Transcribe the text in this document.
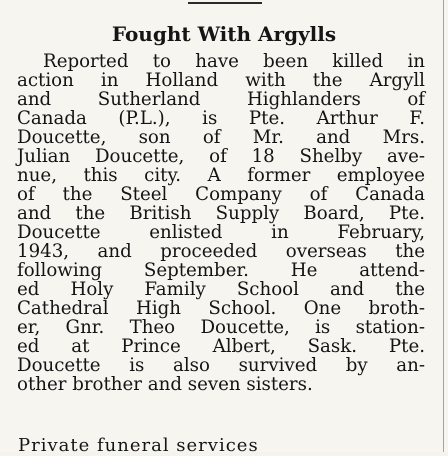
Fought With Argylls
Reported to have been killed in
action in Holland with the Argyll
and Sutherland Highlanders of
Canada (P.L.), is Pte. Arthur F.
Doucette, son of Mr. and Mrs.
Julian Doucette, of 18 Shelby ave-
nue, this city. A former employee
of the Steel Company of Canada
and the British Supply Board, Pte.
Doucette enlisted in February,
1943, and proceeded overseas the
following September. He attend-
ed Holy Family School and the
Cathedral High School. One broth-
er, Gnr. Theo Doucette, is station-
ed at Prince Albert, Sask. Pte.
Doucette is also survived by an-
other brother and seven sisters.
Private funeral services
